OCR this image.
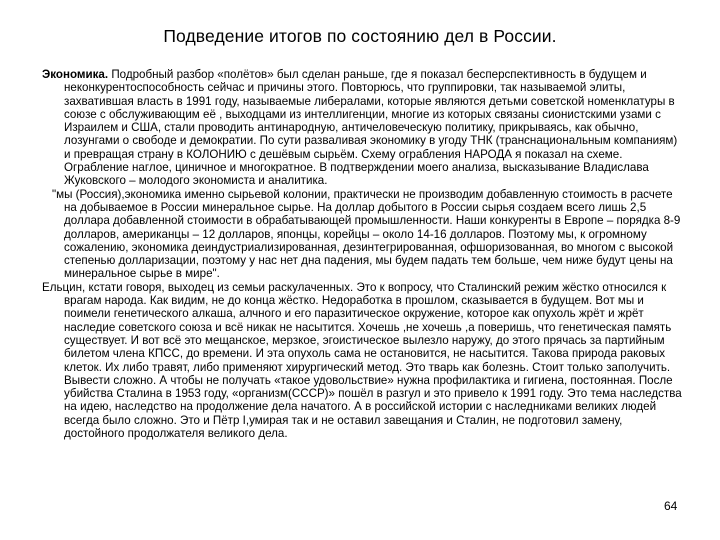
Подведение итогов по состоянию дел в России.

Экономика. Подробный разбор «полётов» был сделан раньше, где я показал бесперспективность в будущем и неконкурентоспособность сейчас и причины этого. Повторюсь, что группировки, так называемой элиты, захватившая власть в 1991 году, называемые либералами, которые являются детьми советской номенклатуры в союзе с обслуживающим её , выходцами из интеллигенции, многие из которых связаны сионистскими узами с Израилем и США, стали проводить антинародную, античеловеческую политику, прикрываясь, как обычно, лозунгами о свободе и демократии. По сути разваливая экономику в угоду ТНК (транснациональным компаниям) и превращая страну в КОЛОНИЮ с дешёвым сырьём. Схему ограбления НАРОДА я показал на схеме. Ограбление наглое, циничное и многократное. В подтверждении моего анализа, высказывание Владислава Жуковского – молодого экономиста и аналитика.

"мы (Россия),экономика именно сырьевой колонии, практически не производим добавленную стоимость в расчете на добываемое в России минеральное сырье. На доллар добытого в России сырья создаем всего лишь 2,5 доллара добавленной стоимости в обрабатывающей промышленности. Наши конкуренты в Европе – порядка 8-9 долларов, американцы – 12 долларов, японцы, корейцы – около 14-16 долларов. Поэтому мы, к огромному сожалению, экономика деиндустриализированная, дезинтегрированная, офшоризованная, во многом с высокой степенью долларизации, поэтому у нас нет дна падения, мы будем падать тем больше, чем ниже будут цены на минеральное сырье в мире".

Ельцин, кстати говоря, выходец из семьи раскулаченных. Это к вопросу, что Сталинский режим жёстко относился к врагам народа. Как видим, не до конца жёстко. Недоработка в прошлом, сказывается в будущем. Вот мы и поимели генетического алкаша, алчного и его паразитическое окружение, которое как опухоль жрёт и жрёт наследие советского союза и всё никак не насытится. Хочешь ,не хочешь ,а поверишь, что генетическая память существует. И вот всё это мещанское, мерзкое, эгоистическое вылезло наружу, до этого прячась за партийным билетом члена КПСС, до времени. И эта опухоль сама не остановится, не насытится. Такова природа раковых клеток. Их либо травят, либо применяют хирургический метод. Это тварь как болезнь. Стоит только заполучить. Вывести сложно. А чтобы не получать «такое удовольствие» нужна профилактика и гигиена, постоянная. После убийства Сталина в 1953 году, «организм(СССР)» пошёл в разгул и это привело к 1991 году. Это тема наследства на идею, наследство на продолжение дела начатого. А в российской истории с наследниками великих людей всегда было сложно. Это и Пётр I,умирая так и не оставил завещания и Сталин, не подготовил замену, достойного продолжателя великого дела.

64
